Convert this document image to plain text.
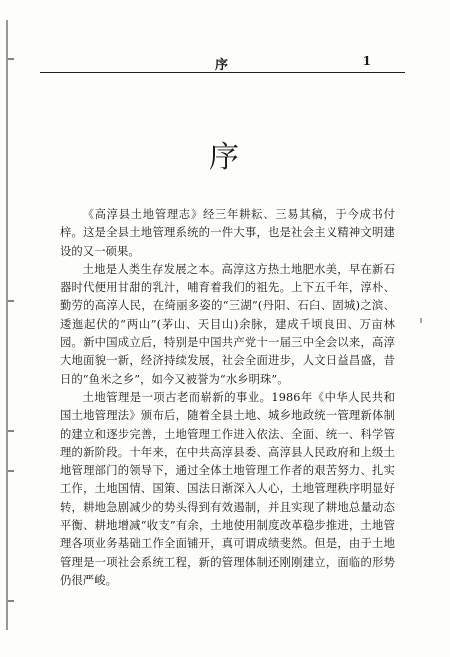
序	1
序

《高淳县土地管理志》经三年耕耘、三易其稿，于今成书付梓。这是全县土地管理系统的一件大事，也是社会主义精神文明建设的又一硕果。

土地是人类生存发展之本。高淳这方热土地肥水美，早在新石器时代便用甘甜的乳汁，哺育着我们的祖先。上下五千年，淳朴、勤劳的高淳人民，在绮丽多姿的“三湖”(丹阳、石臼、固城)之滨、逶迤起伏的“两山”(茅山、天目山)余脉，建成千顷良田、万亩林园。新中国成立后，特别是中国共产党十一届三中全会以来，高淳大地面貌一新，经济持续发展，社会全面进步，人文日益昌盛，昔日的“鱼米之乡”，如今又被誉为“水乡明珠”。

土地管理是一项古老而崭新的事业。1986年《中华人民共和国土地管理法》颁布后，随着全县土地、城乡地政统一管理新体制的建立和逐步完善，土地管理工作进入依法、全面、统一、科学管理的新阶段。十年来，在中共高淳县委、高淳县人民政府和上级土地管理部门的领导下，通过全体土地管理工作者的艰苦努力、扎实工作，土地国情、国策、国法日渐深入人心，土地管理秩序明显好转，耕地急剧减少的势头得到有效遏制，并且实现了耕地总量动态平衡、耕地增减“收支”有余，土地使用制度改革稳步推进，土地管理各项业务基础工作全面铺开，真可谓成绩斐然。但是，由于土地管理是一项社会系统工程，新的管理体制还刚刚建立，面临的形势仍很严峻。
